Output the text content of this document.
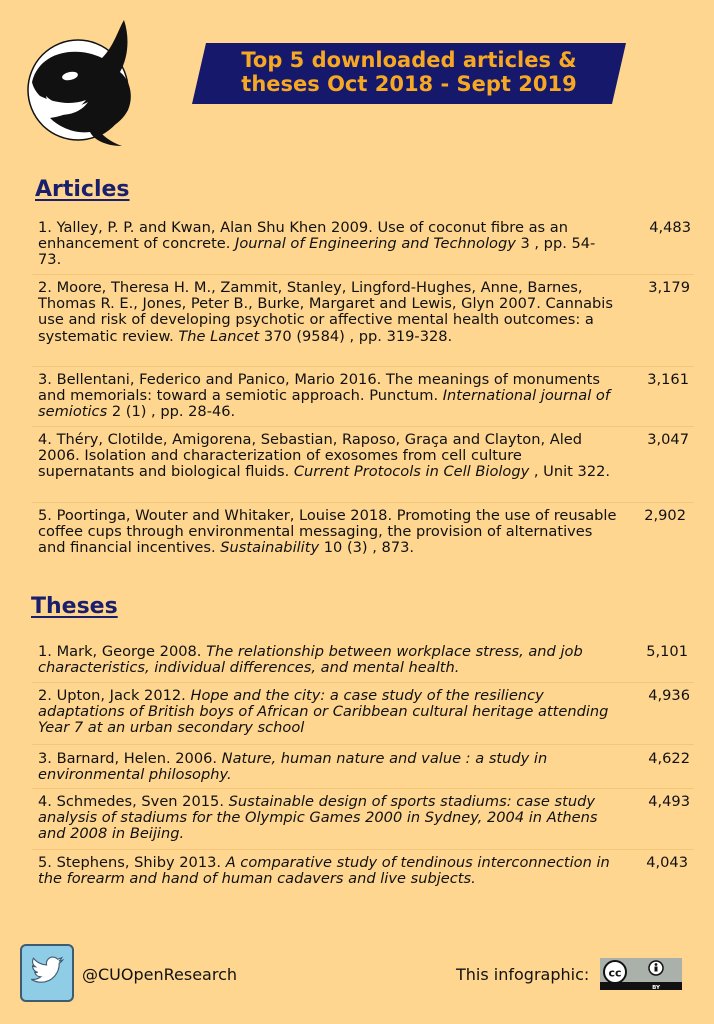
Top 5 downloaded articles &
theses Oct 2018 - Sept 2019
Articles
1. Yalley, P. P. and Kwan, Alan Shu Khen 2009. Use of coconut fibre as an enhancement of concrete. Journal of Engineering and Technology 3 , pp. 54-73.
4,483
2. Moore, Theresa H. M., Zammit, Stanley, Lingford-Hughes, Anne, Barnes, Thomas R. E., Jones, Peter B., Burke, Margaret and Lewis, Glyn 2007. Cannabis use and risk of developing psychotic or affective mental health outcomes: a systematic review. The Lancet 370 (9584) , pp. 319-328.
3,179
3. Bellentani, Federico and Panico, Mario 2016. The meanings of monuments and memorials: toward a semiotic approach. Punctum. International journal of semiotics 2 (1) , pp. 28-46.
3,161
4. Théry, Clotilde, Amigorena, Sebastian, Raposo, Graça and Clayton, Aled 2006. Isolation and characterization of exosomes from cell culture supernatants and biological fluids. Current Protocols in Cell Biology , Unit 322.
3,047
5. Poortinga, Wouter and Whitaker, Louise 2018. Promoting the use of reusable coffee cups through environmental messaging, the provision of alternatives and financial incentives. Sustainability 10 (3) , 873.
2,902
Theses
1. Mark, George 2008. The relationship between workplace stress, and job characteristics, individual differences, and mental health.
5,101
2. Upton, Jack 2012. Hope and the city: a case study of the resiliency adaptations of British boys of African or Caribbean cultural heritage attending Year 7 at an urban secondary school
4,936
3. Barnard, Helen. 2006. Nature, human nature and value : a study in environmental philosophy.
4,622
4. Schmedes, Sven 2015. Sustainable design of sports stadiums: case study analysis of stadiums for the Olympic Games 2000 in Sydney, 2004 in Athens and 2008 in Beijing.
4,493
5. Stephens, Shiby 2013. A comparative study of tendinous interconnection in the forearm and hand of human cadavers and live subjects.
4,043
@CUOpenResearch	This infographic: cc
BY
